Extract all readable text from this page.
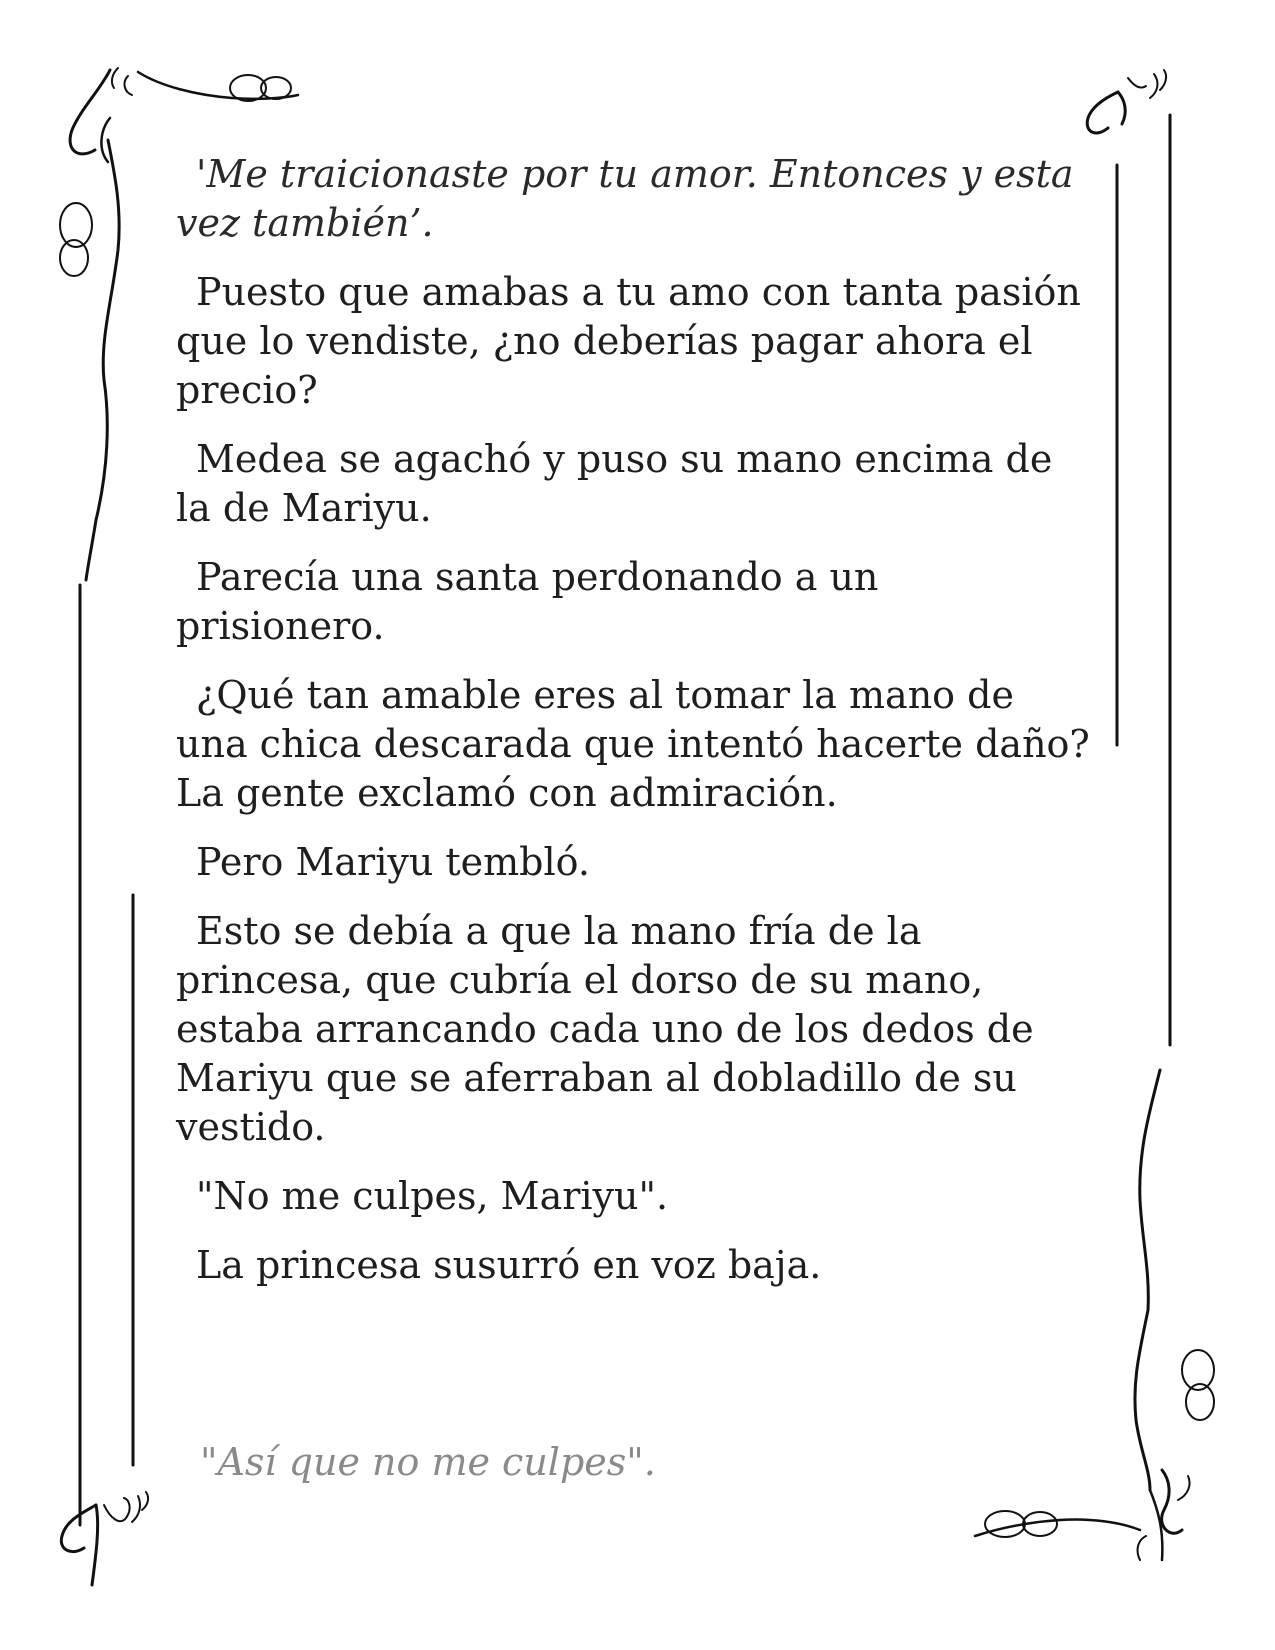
'Me traicionaste por tu amor. Entonces y esta vez también’.

Puesto que amabas a tu amo con tanta pasión que lo vendiste, ¿no deberías pagar ahora el precio?

Medea se agachó y puso su mano encima de la de Mariyu.

Parecía una santa perdonando a un prisionero.

¿Qué tan amable eres al tomar la mano de una chica descarada que intentó hacerte daño? La gente exclamó con admiración.

Pero Mariyu tembló.

Esto se debía a que la mano fría de la princesa, que cubría el dorso de su mano, estaba arrancando cada uno de los dedos de Mariyu que se aferraban al dobladillo de su vestido.

"No me culpes, Mariyu".

La princesa susurró en voz baja.

"Así que no me culpes".
